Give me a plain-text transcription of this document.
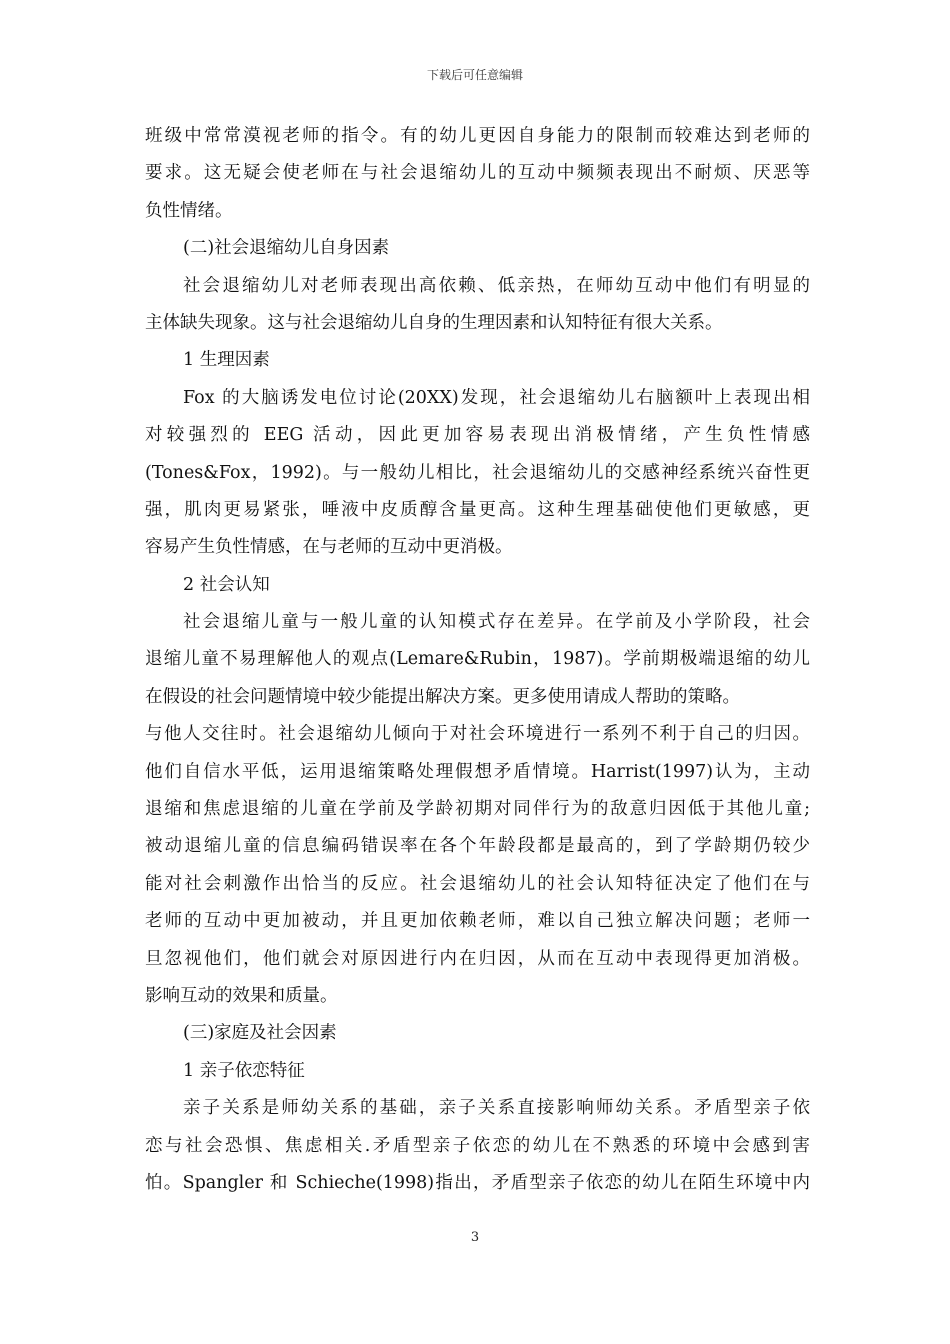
下载后可任意编辑
班级中常常漠视老师的指令。有的幼儿更因自身能力的限制而较难达到老师的
要求。这无疑会使老师在与社会退缩幼儿的互动中频频表现出不耐烦、厌恶等
负性情绪。
(二)社会退缩幼儿自身因素
社会退缩幼儿对老师表现出高依赖、低亲热，在师幼互动中他们有明显的
主体缺失现象。这与社会退缩幼儿自身的生理因素和认知特征有很大关系。
1 生理因素
Fox 的大脑诱发电位讨论(20XX)发现，社会退缩幼儿右脑额叶上表现出相
对较强烈的 EEG 活动，因此更加容易表现出消极情绪，产生负性情感
(Tones&Fox，1992)。与一般幼儿相比，社会退缩幼儿的交感神经系统兴奋性更
强，肌肉更易紧张，唾液中皮质醇含量更高。这种生理基础使他们更敏感，更
容易产生负性情感，在与老师的互动中更消极。
2 社会认知
社会退缩儿童与一般儿童的认知模式存在差异。在学前及小学阶段，社会
退缩儿童不易理解他人的观点(Lemare&Rubin，1987)。学前期极端退缩的幼儿
在假设的社会问题情境中较少能提出解决方案。更多使用请成人帮助的策略。
与他人交往时。社会退缩幼儿倾向于对社会环境进行一系列不利于自己的归因。
他们自信水平低，运用退缩策略处理假想矛盾情境。Harrist(1997)认为，主动
退缩和焦虑退缩的儿童在学前及学龄初期对同伴行为的敌意归因低于其他儿童;
被动退缩儿童的信息编码错误率在各个年龄段都是最高的，到了学龄期仍较少
能对社会刺激作出恰当的反应。社会退缩幼儿的社会认知特征决定了他们在与
老师的互动中更加被动，并且更加依赖老师，难以自己独立解决问题；老师一
旦忽视他们，他们就会对原因进行内在归因，从而在互动中表现得更加消极。
影响互动的效果和质量。
(三)家庭及社会因素
1 亲子依恋特征
亲子关系是师幼关系的基础，亲子关系直接影响师幼关系。矛盾型亲子依
恋与社会恐惧、焦虑相关.矛盾型亲子依恋的幼儿在不熟悉的环境中会感到害
怕。Spangler 和 Schieche(1998)指出，矛盾型亲子依恋的幼儿在陌生环境中内
3
